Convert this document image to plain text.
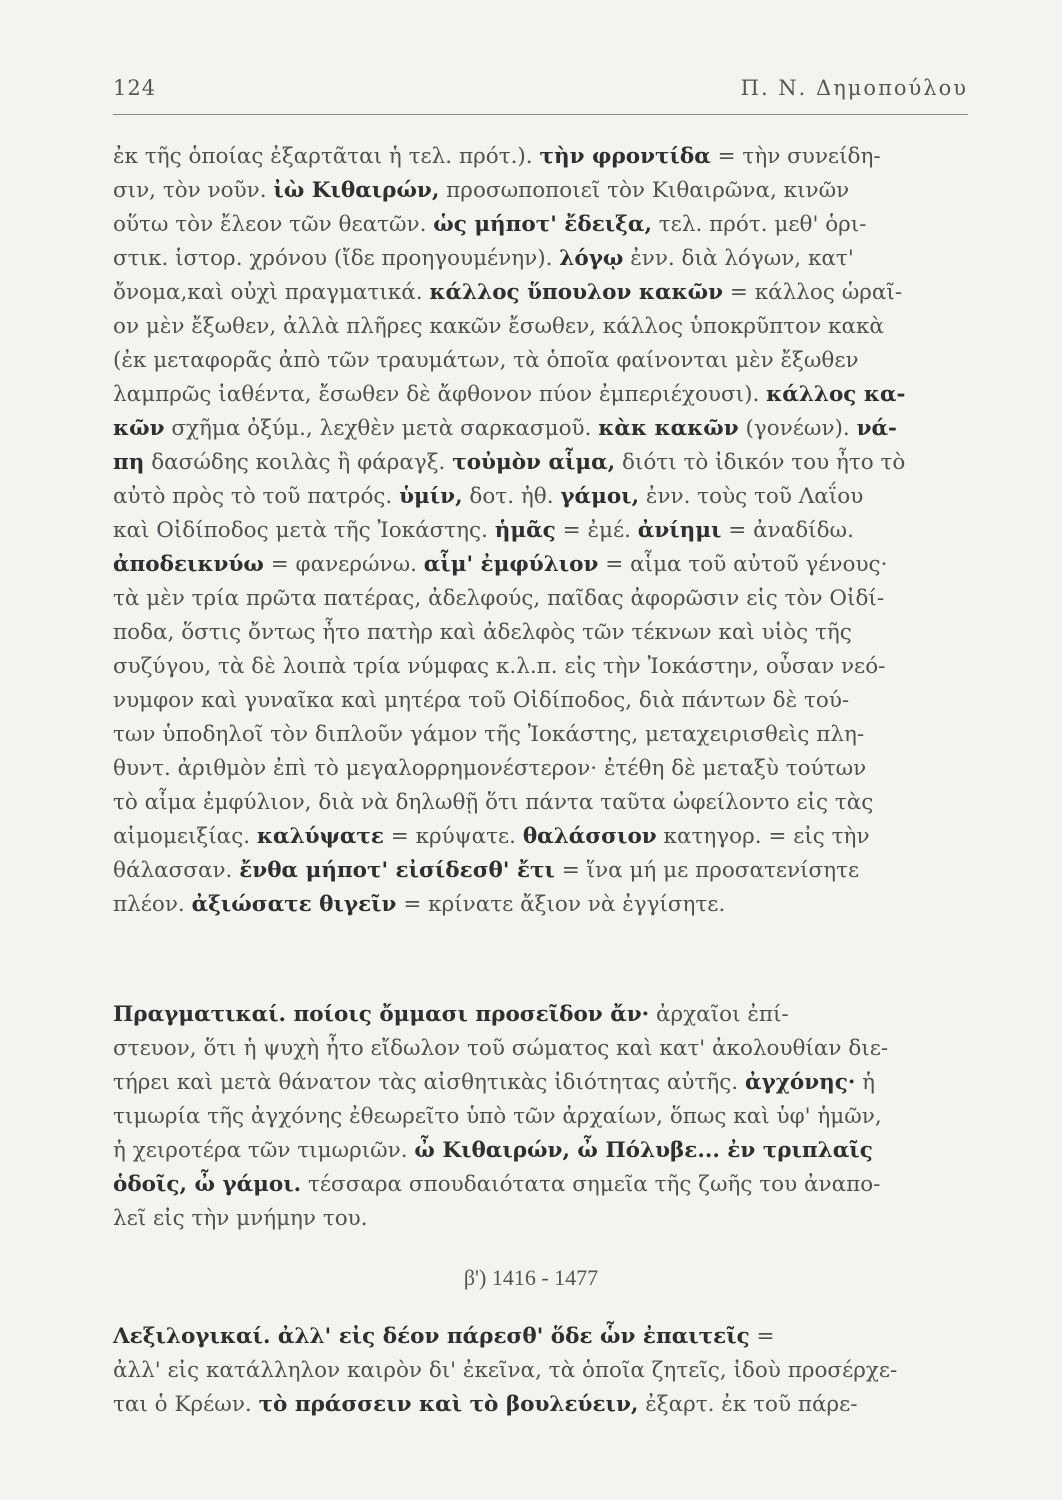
124	Π. Ν. Δημοπούλου
ἐκ τῆς ὁποίας ἐξαρτᾶται ἡ τελ. πρότ.). τὴν φροντίδα = τὴν συνείδη-
σιν, τὸν νοῦν. ἰὼ Κιθαιρών, προσωποποιεῖ τὸν Κιθαιρῶνα, κινῶν
οὕτω τὸν ἔλεον τῶν θεατῶν. ὡς μήποτ' ἔδειξα, τελ. πρότ. μεθ' ὁρι-
στικ. ἱστορ. χρόνου (ἴδε προηγουμένην). λόγῳ ἐνν. διὰ λόγων, κατ'
ὄνομα,καὶ οὐχὶ πραγματικά. κάλλος ὕπουλον κακῶν = κάλλος ὡραῖ-
ον μὲν ἔξωθεν, ἀλλὰ πλῆρες κακῶν ἔσωθεν, κάλλος ὑποκρῦπτον κακὰ
(ἐκ μεταφορᾶς ἀπὸ τῶν τραυμάτων, τὰ ὁποῖα φαίνονται μὲν ἔξωθεν
λαμπρῶς ἰαθέντα, ἔσωθεν δὲ ἄφθονον πύον ἐμπεριέχουσι). κάλλος κα-
κῶν σχῆμα ὀξύμ., λεχθὲν μετὰ σαρκασμοῦ. κὰκ κακῶν (γονέων). νά-
πη δασώδης κοιλὰς ἢ φάραγξ. τοὐμὸν αἷμα, διότι τὸ ἰδικόν του ἦτο τὸ
αὐτὸ πρὸς τὸ τοῦ πατρός. ὑμίν, δοτ. ἠθ. γάμοι, ἐνν. τοὺς τοῦ Λαΐου
καὶ Οἰδίποδος μετὰ τῆς Ἰοκάστης. ἡμᾶς = ἐμέ. ἀνίημι = ἀναδίδω.
ἀποδεικνύω = φανερώνω. αἷμ' ἐμφύλιον = αἷμα τοῦ αὐτοῦ γένους·
τὰ μὲν τρία πρῶτα πατέρας, ἀδελφούς, παῖδας ἀφορῶσιν εἰς τὸν Οἰδί-
ποδα, ὅστις ὄντως ἦτο πατὴρ καὶ ἀδελφὸς τῶν τέκνων καὶ υἱὸς τῆς
συζύγου, τὰ δὲ λοιπὰ τρία νύμφας κ.λ.π. εἰς τὴν Ἰοκάστην, οὖσαν νεό-
νυμφον καὶ γυναῖκα καὶ μητέρα τοῦ Οἰδίποδος, διὰ πάντων δὲ τού-
των ὑποδηλοῖ τὸν διπλοῦν γάμον τῆς Ἰοκάστης, μεταχειρισθεὶς πλη-
θυντ. ἀριθμὸν ἐπὶ τὸ μεγαλορρημονέστερον· ἐτέθη δὲ μεταξὺ τούτων
τὸ αἷμα ἐμφύλιον, διὰ νὰ δηλωθῇ ὅτι πάντα ταῦτα ὠφείλοντο εἰς τὰς
αἱμομειξίας. καλύψατε = κρύψατε. θαλάσσιον κατηγορ. = εἰς τὴν
θάλασσαν. ἔνθα μήποτ' εἰσίδεσθ' ἔτι = ἵνα μή με προσατενίσητε
πλέον. ἀξιώσατε θιγεῖν = κρίνατε ἄξιον νὰ ἐγγίσητε.
Πραγματικαί. ποίοις ὄμμασι προσεῖδον ἄν· ἀρχαῖοι ἐπί-
στευον, ὅτι ἡ ψυχὴ ἦτο εἴδωλον τοῦ σώματος καὶ κατ' ἀκολουθίαν διε-
τήρει καὶ μετὰ θάνατον τὰς αἰσθητικὰς ἰδιότητας αὐτῆς. ἀγχόνης· ἡ
τιμωρία τῆς ἀγχόνης ἐθεωρεῖτο ὑπὸ τῶν ἀρχαίων, ὅπως καὶ ὑφ' ἡμῶν,
ἡ χειροτέρα τῶν τιμωριῶν. ὦ Κιθαιρών, ὦ Πόλυβε... ἐν τριπλαῖς
ὁδοῖς, ὦ γάμοι. τέσσαρα σπουδαιότατα σημεῖα τῆς ζωῆς του ἀναπο-
λεῖ εἰς τὴν μνήμην του.
β') 1416 - 1477
Λεξιλογικαί. ἀλλ' εἰς δέον πάρεσθ' ὅδε ὧν ἐπαιτεῖς =
ἀλλ' εἰς κατάλληλον καιρὸν δι' ἐκεῖνα, τὰ ὁποῖα ζητεῖς, ἰδοὺ προσέρχε-
ται ὁ Κρέων. τὸ πράσσειν καὶ τὸ βουλεύειν, ἐξαρτ. ἐκ τοῦ πάρε-
